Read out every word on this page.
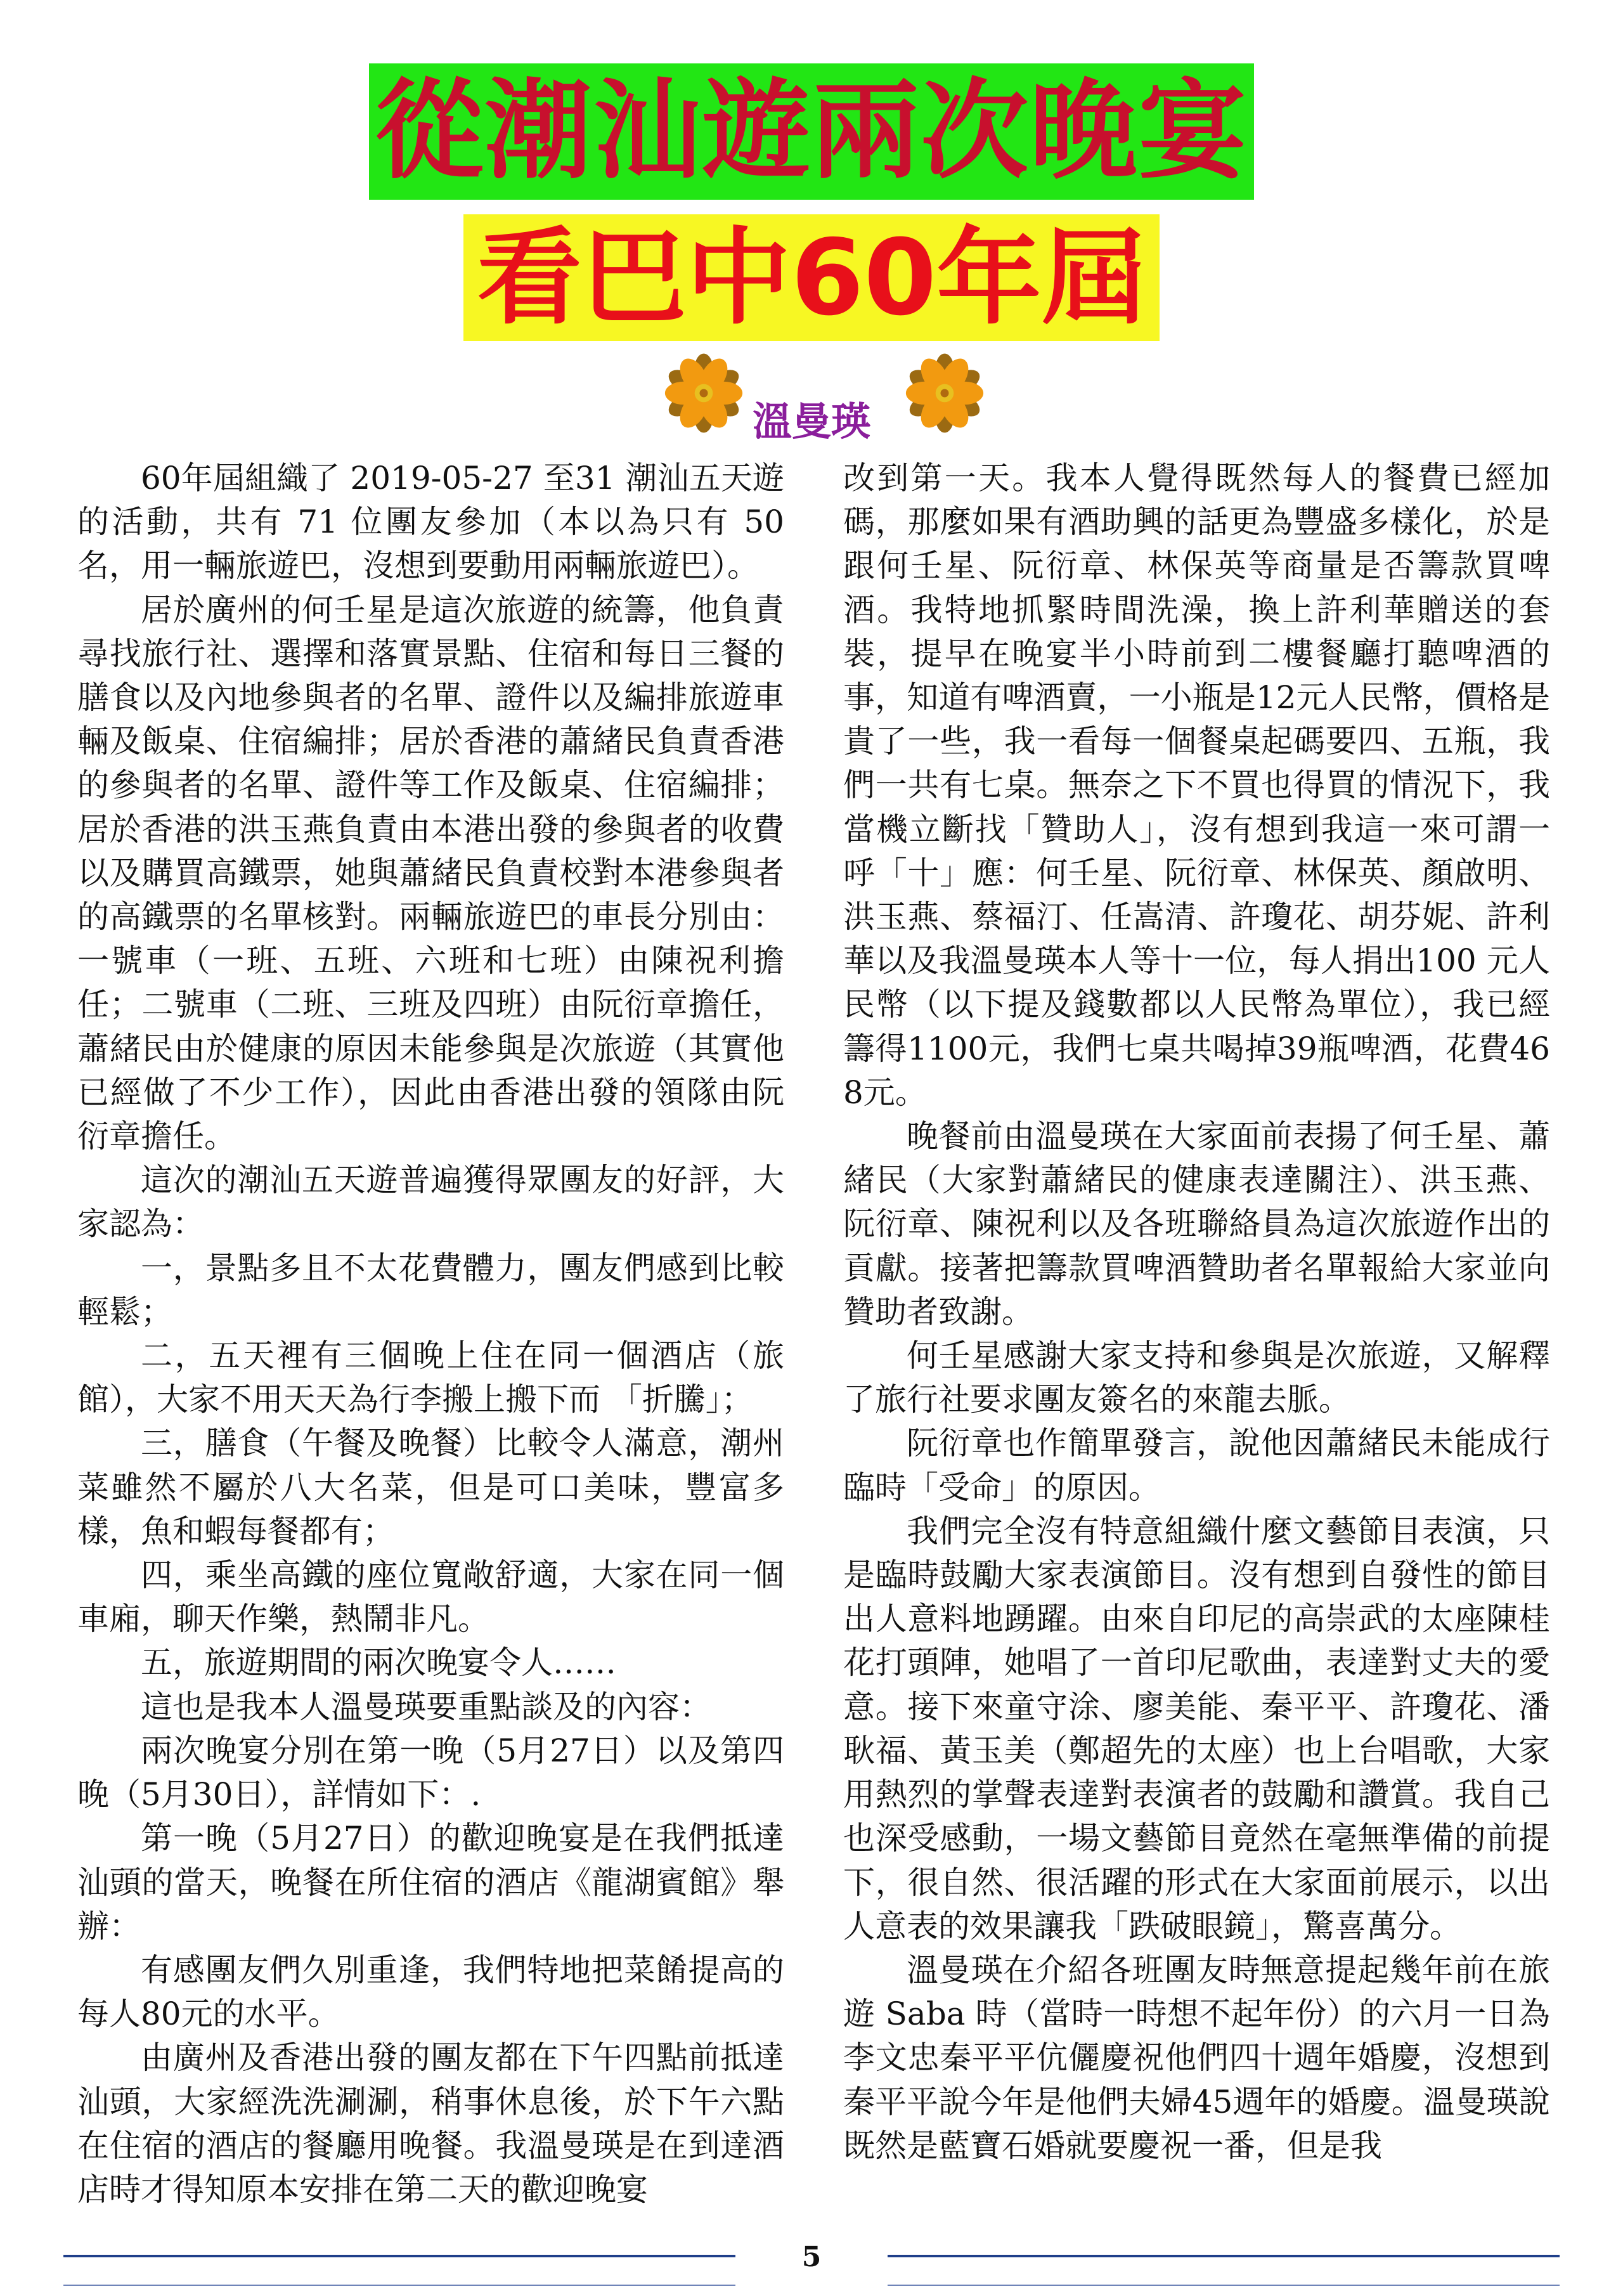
從潮汕遊兩次晚宴
看巴中60年屆
溫曼瑛

60年屆組織了 2019-05-27 至31 潮汕五天遊的活動，共有 71 位團友參加（本以為只有 50 名，用一輛旅遊巴，沒想到要動用兩輛旅遊巴）。

居於廣州的何壬星是這次旅遊的統籌，他負責尋找旅行社、選擇和落實景點、住宿和每日三餐的膳食以及內地參與者的名單、證件以及編排旅遊車輛及飯桌、住宿編排；居於香港的蕭緒民負責香港的參與者的名單、證件等工作及飯桌、住宿編排；居於香港的洪玉燕負責由本港出發的參與者的收費以及購買高鐵票，她與蕭緒民負責校對本港參與者的高鐵票的名單核對。兩輛旅遊巴的車長分別由：一號車（一班、五班、六班和七班）由陳祝利擔任；二號車（二班、三班及四班）由阮衍章擔任，蕭緒民由於健康的原因未能參與是次旅遊（其實他已經做了不少工作），因此由香港出發的領隊由阮衍章擔任。

這次的潮汕五天遊普遍獲得眾團友的好評，大家認為：

一，景點多且不太花費體力，團友們感到比較輕鬆；

二，五天裡有三個晚上住在同一個酒店（旅館），大家不用天天為行李搬上搬下而 「折騰」；

三，膳食（午餐及晚餐）比較令人滿意，潮州菜雖然不屬於八大名菜，但是可口美味，豐富多樣，魚和蝦每餐都有；

四，乘坐高鐵的座位寬敞舒適，大家在同一個車廂，聊天作樂，熱鬧非凡。

五，旅遊期間的兩次晚宴令人……

這也是我本人溫曼瑛要重點談及的內容：

兩次晚宴分別在第一晚（5月27日）以及第四晚（5月30日），詳情如下：.

第一晚（5月27日）的歡迎晚宴是在我們抵達汕頭的當天，晚餐在所住宿的酒店《龍湖賓館》舉辦：

有感團友們久別重逢，我們特地把菜餚提高的每人80元的水平。

由廣州及香港出發的團友都在下午四點前抵達汕頭，大家經洗洗涮涮，稍事休息後，於下午六點在住宿的酒店的餐廳用晚餐。我溫曼瑛是在到達酒店時才得知原本安排在第二天的歡迎晚宴

改到第一天。我本人覺得既然每人的餐費已經加碼，那麼如果有酒助興的話更為豐盛多樣化，於是跟何壬星、阮衍章、林保英等商量是否籌款買啤酒。我特地抓緊時間洗澡，換上許利華贈送的套裝，提早在晚宴半小時前到二樓餐廳打聽啤酒的事，知道有啤酒賣，一小瓶是12元人民幣，價格是貴了一些，我一看每一個餐桌起碼要四、五瓶，我們一共有七桌。無奈之下不買也得買的情況下，我當機立斷找「贊助人」，沒有想到我這一來可謂一呼「十」應：何壬星、阮衍章、林保英、顏啟明、洪玉燕、蔡福汀、任嵩清、許瓊花、胡芬妮、許利華以及我溫曼瑛本人等十一位，每人捐出100 元人民幣（以下提及錢數都以人民幣為單位），我已經籌得1100元，我們七桌共喝掉39瓶啤酒，花費468元。

晚餐前由溫曼瑛在大家面前表揚了何壬星、蕭緒民（大家對蕭緒民的健康表達關注）、洪玉燕、阮衍章、陳祝利以及各班聯絡員為這次旅遊作出的貢獻。接著把籌款買啤酒贊助者名單報給大家並向贊助者致謝。

何壬星感謝大家支持和參與是次旅遊，又解釋了旅行社要求團友簽名的來龍去脈。

阮衍章也作簡單發言，說他因蕭緒民未能成行臨時「受命」的原因。

我們完全沒有特意組織什麼文藝節目表演，只是臨時鼓勵大家表演節目。沒有想到自發性的節目出人意料地踴躍。由來自印尼的高崇武的太座陳桂花打頭陣，她唱了一首印尼歌曲，表達對丈夫的愛意。接下來童守涂、廖美能、秦平平、許瓊花、潘耿福、黃玉美（鄭超先的太座）也上台唱歌，大家用熱烈的掌聲表達對表演者的鼓勵和讚賞。我自己也深受感動，一場文藝節目竟然在毫無準備的前提下，很自然、很活躍的形式在大家面前展示，以出人意表的效果讓我「跌破眼鏡」，驚喜萬分。

溫曼瑛在介紹各班團友時無意提起幾年前在旅遊 Saba 時（當時一時想不起年份）的六月一日為李文忠秦平平伉儷慶祝他們四十週年婚慶，沒想到秦平平說今年是他們夫婦45週年的婚慶。溫曼瑛說既然是藍寶石婚就要慶祝一番，但是我

5
